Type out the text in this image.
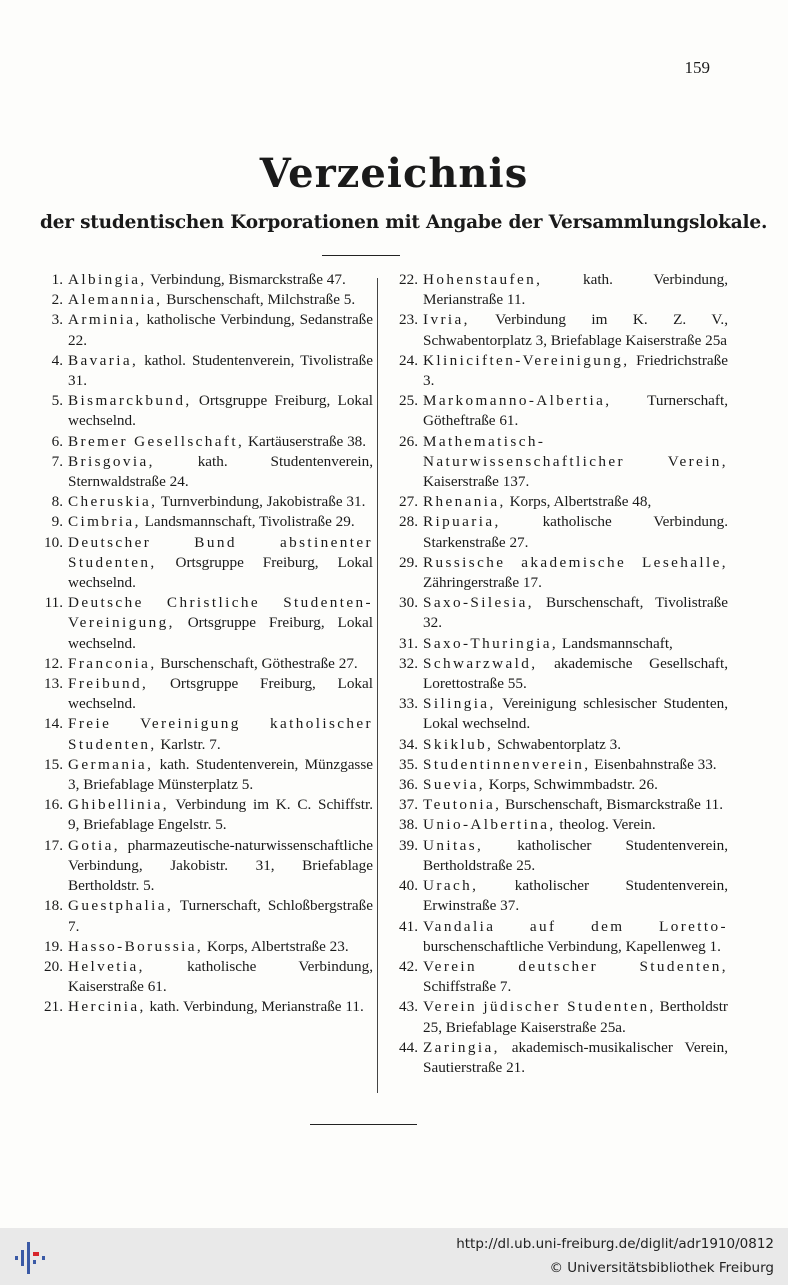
159
Verzeichnis
der studentischen Korporationen mit Angabe der Versammlungslokale.
1. Albingia, Verbindung, Bismarckstraße 47.
2. Alemannia, Burschenschaft, Milchstraße 5.
3. Arminia, katholische Verbindung, Sedanstraße 22.
4. Bavaria, kathol. Studentenverein, Tivolistraße 31.
5. Bismarckbund, Ortsgruppe Freiburg, Lokal wechselnd.
6. Bremer Gesellschaft, Kartäuserstraße 38.
7. Brisgovia, kath. Studentenverein, Sternwaldstraße 24.
8. Cheruskia, Turnverbindung, Jakobistraße 31.
9. Cimbria, Landsmannschaft, Tivolistraße 29.
10. Deutscher Bund abstinenter Studenten, Ortsgruppe Freiburg, Lokal wechselnd.
11. Deutsche Christliche Studenten-Vereinigung, Ortsgruppe Freiburg, Lokal wechselnd.
12. Franconia, Burschenschaft, Göthestraße 27.
13. Freibund, Ortsgruppe Freiburg, Lokal wechselnd.
14. Freie Vereinigung katholischer Studenten, Karlstr. 7.
15. Germania, kath. Studentenverein, Münzgasse 3, Briefablage Münsterplatz 5.
16. Ghibellinia, Verbindung im K. C. Schiffstr. 9, Briefablage Engelstr. 5.
17. Gotia, pharmazeutische-naturwissenschaftliche Verbindung, Jakobistr. 31, Briefablage Bertholdstr. 5.
18. Guestphalia, Turnerschaft, Schloßbergstraße 7.
19. Hasso-Borussia, Korps, Albertstraße 23.
20. Helvetia, katholische Verbindung, Kaiserstraße 61.
21. Hercinia, kath. Verbindung, Merianstraße 11.
22. Hohenstaufen, kath. Verbindung, Merianstraße 11.
23. Ivria, Verbindung im K. Z. V., Schwabentorplatz 3, Briefablage Kaiserstraße 25a
24. Kliniciften-Vereinigung, Friedrichstraße 3.
25. Markomanno-Albertia, Turnerschaft, Götheftraße 61.
26. Mathematisch-Naturwissenschaftlicher Verein, Kaiserstraße 137.
27. Rhenania, Korps, Albertstraße 48,
28. Ripuaria, katholische Verbindung. Starkenstraße 27.
29. Russische akademische Lesehalle, Zähringerstraße 17.
30. Saxo-Silesia, Burschenschaft, Tivolistraße 32.
31. Saxo-Thuringia, Landsmannschaft,
32. Schwarzwald, akademische Gesellschaft, Lorettostraße 55.
33. Silingia, Vereinigung schlesischer Studenten, Lokal wechselnd.
34. Skiklub, Schwabentorplatz 3.
35. Studentinnenverein, Eisenbahnstraße 33.
36. Suevia, Korps, Schwimmbadstr. 26.
37. Teutonia, Burschenschaft, Bismarckstraße 11.
38. Unio-Albertina, theolog. Verein.
39. Unitas, katholischer Studentenverein, Bertholdstraße 25.
40. Urach, katholischer Studentenverein, Erwinstraße 37.
41. Vandalia auf dem Loretto-burschenschaftliche Verbindung, Kapellenweg 1.
42. Verein deutscher Studenten, Schiffstraße 7.
43. Verein jüdischer Studenten, Bertholdstr 25, Briefablage Kaiserstraße 25a.
44. Zaringia, akademisch-musikalischer Verein, Sautierstraße 21.
http://dl.ub.uni-freiburg.de/diglit/adr1910/0812
© Universitätsbibliothek Freiburg
